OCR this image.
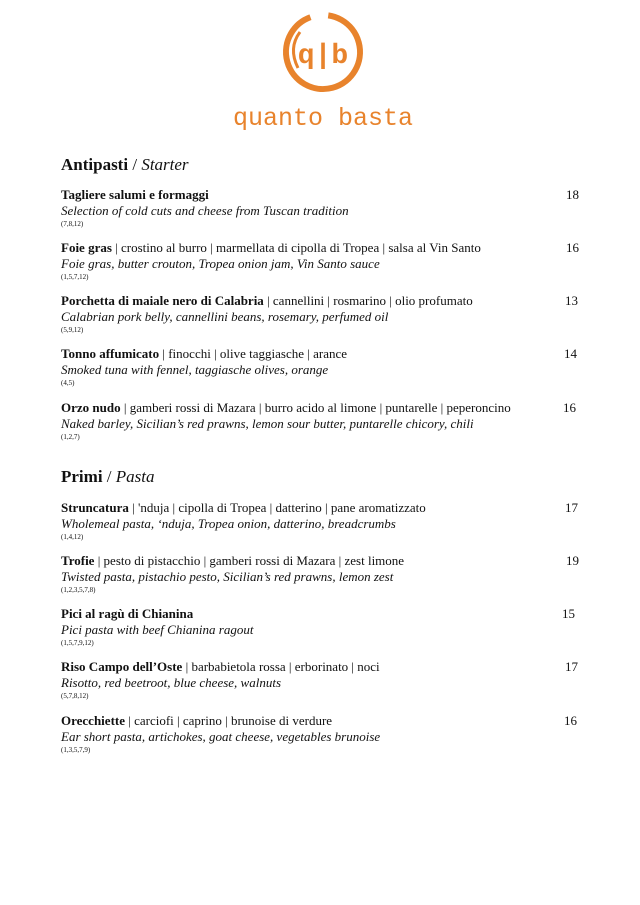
q|b
quanto basta
Antipasti / Starter
Tagliere salumi e formaggi
Selection of cold cuts and cheese from Tuscan tradition
(7,8,12)
18
Foie gras | crostino al burro | marmellata di cipolla di Tropea | salsa al Vin Santo
Foie gras, butter crouton, Tropea onion jam, Vin Santo sauce
(1,5,7,12)
16
Porchetta di maiale nero di Calabria | cannellini | rosmarino | olio profumato
Calabrian pork belly, cannellini beans, rosemary, perfumed oil
(5,9,12)
13
Tonno affumicato | finocchi | olive taggiasche | arance
Smoked tuna with fennel, taggiasche olives, orange
(4,5)
14
Orzo nudo | gamberi rossi di Mazara | burro acido al limone | puntarelle | peperoncino
Naked barley, Sicilian’s red prawns, lemon sour butter, puntarelle chicory, chili
(1,2,7)
16
Primi / Pasta
Struncatura | 'nduja | cipolla di Tropea | datterino | pane aromatizzato
Wholemeal pasta, ‘nduja, Tropea onion, datterino, breadcrumbs
(1,4,12)
17
Trofie | pesto di pistacchio | gamberi rossi di Mazara | zest limone
Twisted pasta, pistachio pesto, Sicilian’s red prawns, lemon zest
(1,2,3,5,7,8)
19
Pici al ragù di Chianina
Pici pasta with beef Chianina ragout
(1,5,7,9,12)
15
Riso Campo dell’Oste | barbabietola rossa | erborinato | noci
Risotto, red beetroot, blue cheese, walnuts
(5,7,8,12)
17
Orecchiette | carciofi | caprino | brunoise di verdure
Ear short pasta, artichokes, goat cheese, vegetables brunoise
(1,3,5,7,9)
16
